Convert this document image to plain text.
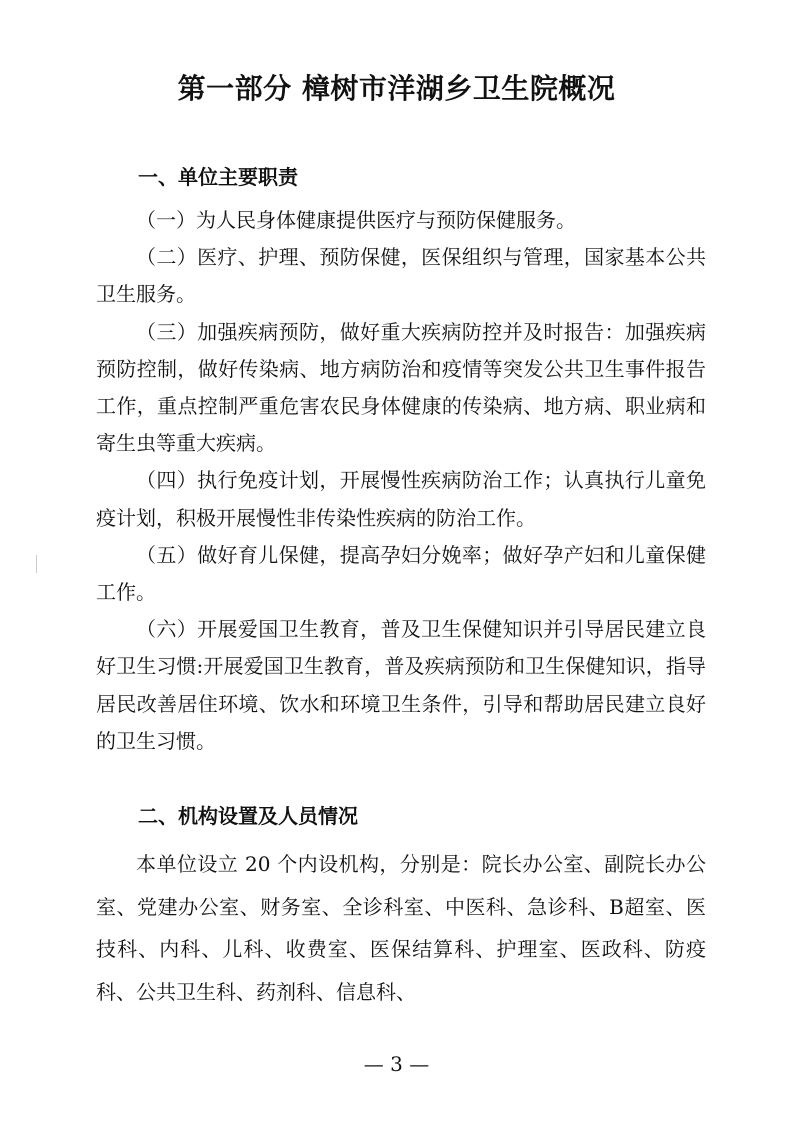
第一部分 樟树市洋湖乡卫生院概况
一、单位主要职责

（一）为人民身体健康提供医疗与预防保健服务。

（二）医疗、护理、预防保健，医保组织与管理，国家基本公共卫生服务。

（三）加强疾病预防，做好重大疾病防控并及时报告：加强疾病预防控制，做好传染病、地方病防治和疫情等突发公共卫生事件报告工作，重点控制严重危害农民身体健康的传染病、地方病、职业病和寄生虫等重大疾病。

（四）执行免疫计划，开展慢性疾病防治工作；认真执行儿童免疫计划，积极开展慢性非传染性疾病的防治工作。

（五）做好育儿保健，提高孕妇分娩率；做好孕产妇和儿童保健工作。

（六）开展爱国卫生教育，普及卫生保健知识并引导居民建立良好卫生习惯:开展爱国卫生教育，普及疾病预防和卫生保健知识，指导居民改善居住环境、饮水和环境卫生条件，引导和帮助居民建立良好的卫生习惯。

二、机构设置及人员情况

本单位设立 20 个内设机构，分别是：院长办公室、副院长办公室、党建办公室、财务室、全诊科室、中医科、急诊科、B超室、医技科、内科、儿科、收费室、医保结算科、护理室、医政科、防疫科、公共卫生科、药剂科、信息科、

— 3 —
